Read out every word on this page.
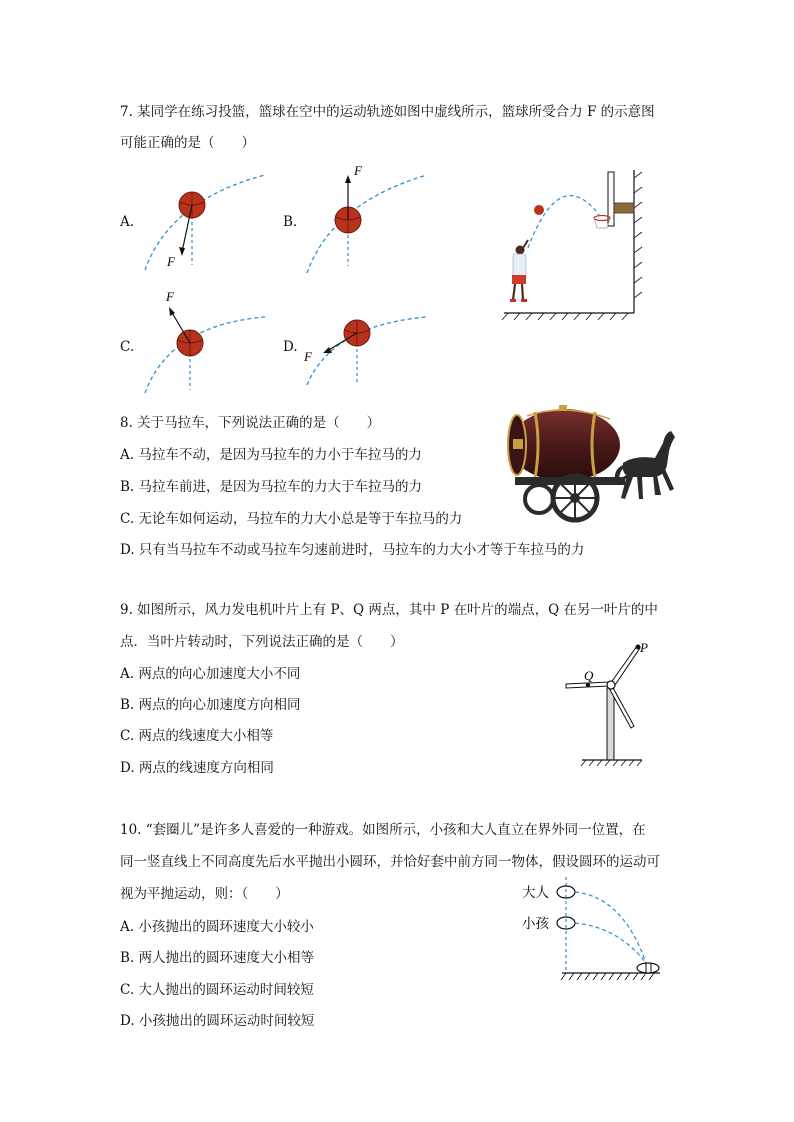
7. 某同学在练习投篮，篮球在空中的运动轨迹如图中虚线所示，篮球所受合力 F 的示意图
可能正确的是（　　）
A.	B.
C.	D.
F
F
F
F
8. 关于马拉车，下列说法正确的是（　　）
A. 马拉车不动，是因为马拉车的力小于车拉马的力
B. 马拉车前进，是因为马拉车的力大于车拉马的力
C. 无论车如何运动，马拉车的力大小总是等于车拉马的力
D. 只有当马拉车不动或马拉车匀速前进时，马拉车的力大小才等于车拉马的力
9. 如图所示，风力发电机叶片上有 P、Q 两点，其中 P 在叶片的端点，Q 在另一叶片的中
点．当叶片转动时，下列说法正确的是（　　）
A. 两点的向心加速度大小不同
B. 两点的向心加速度方向相同
C. 两点的线速度大小相等
D. 两点的线速度方向相同
P
Q
10. “套圈儿”是许多人喜爱的一种游戏。如图所示，小孩和大人直立在界外同一位置，在
同一竖直线上不同高度先后水平抛出小圆环，并恰好套中前方同一物体，假设圆环的运动可
视为平抛运动，则：（　　）
A. 小孩抛出的圆环速度大小较小
B. 两人抛出的圆环速度大小相等
C. 大人抛出的圆环运动时间较短
D. 小孩抛出的圆环运动时间较短
大人
小孩
